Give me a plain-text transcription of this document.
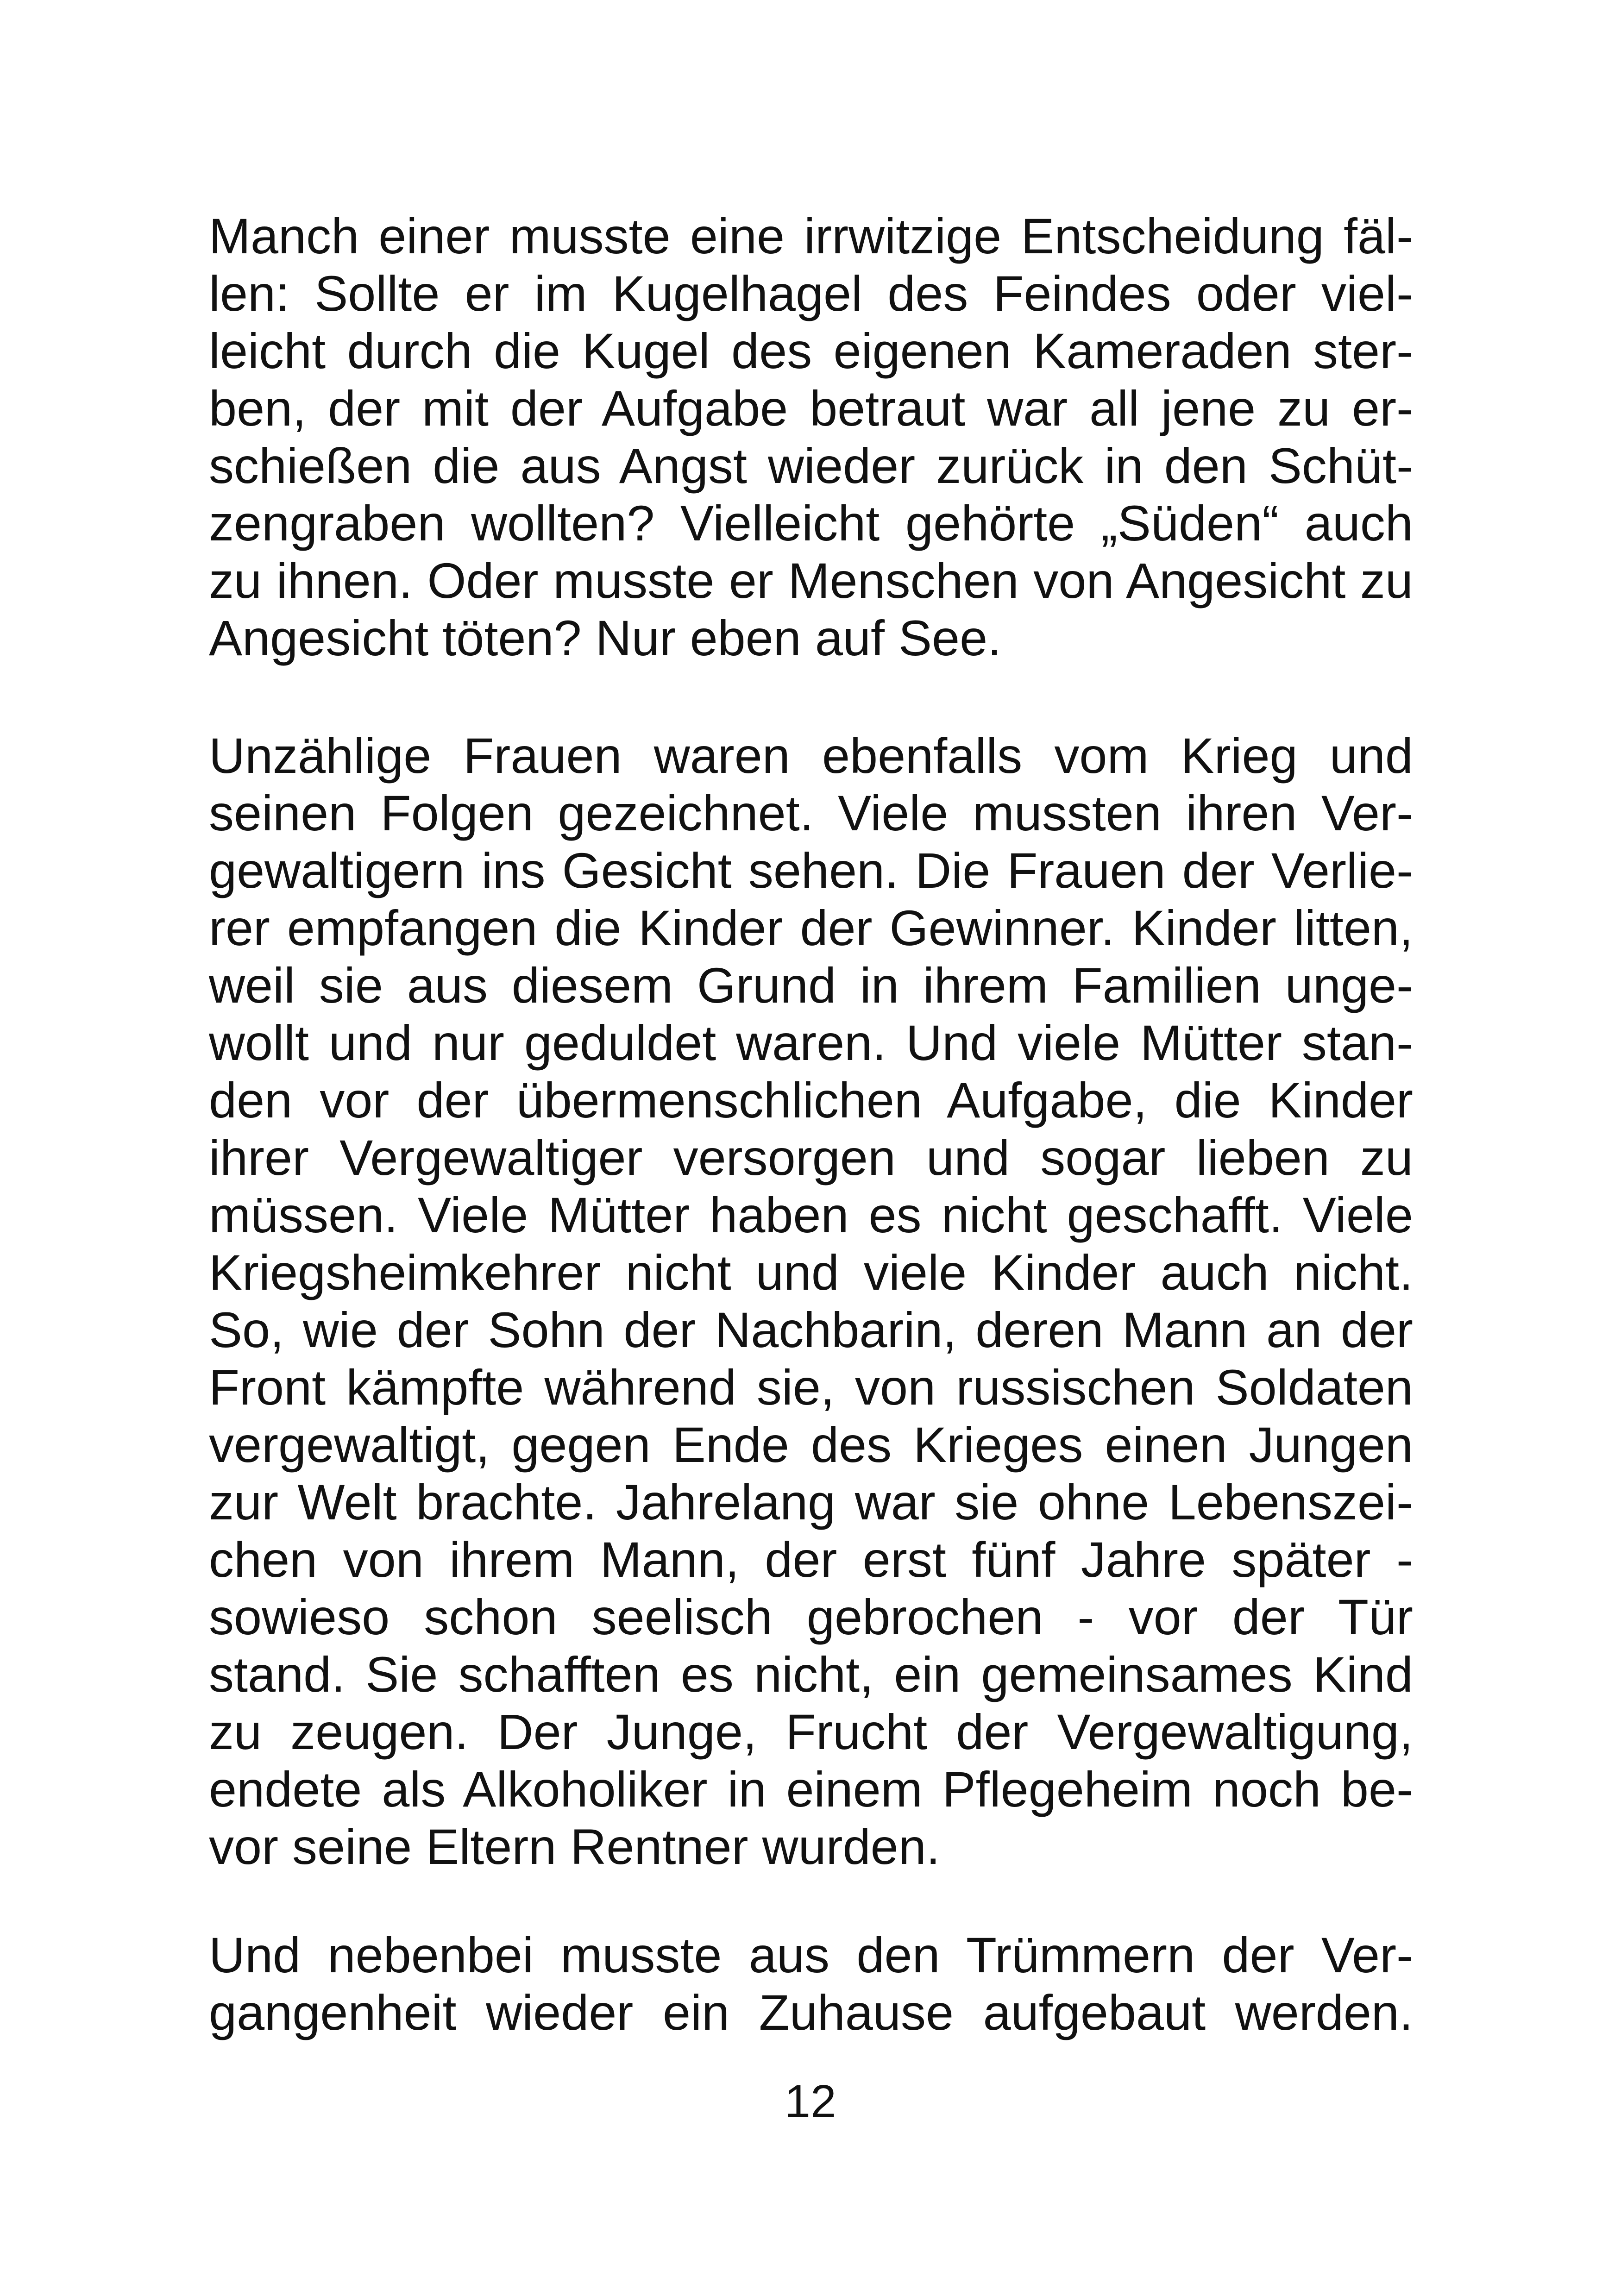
Manch einer musste eine irrwitzige Entscheidung fäl-
len: Sollte er im Kugelhagel des Feindes oder viel-
leicht durch die Kugel des eigenen Kameraden ster-
ben, der mit der Aufgabe betraut war all jene zu er-
schießen die aus Angst wieder zurück in den Schüt-
zengraben wollten? Vielleicht gehörte „Süden“ auch
zu ihnen. Oder musste er Menschen von Angesicht zu
Angesicht töten? Nur eben auf See.
Unzählige Frauen waren ebenfalls vom Krieg und
seinen Folgen gezeichnet. Viele mussten ihren Ver-
gewaltigern ins Gesicht sehen. Die Frauen der Verlie-
rer empfangen die Kinder der Gewinner. Kinder litten,
weil sie aus diesem Grund in ihrem Familien unge-
wollt und nur geduldet waren. Und viele Mütter stan-
den vor der übermenschlichen Aufgabe, die Kinder
ihrer Vergewaltiger versorgen und sogar lieben zu
müssen. Viele Mütter haben es nicht geschafft. Viele
Kriegsheimkehrer nicht und viele Kinder auch nicht.
So, wie der Sohn der Nachbarin, deren Mann an der
Front kämpfte während sie, von russischen Soldaten
vergewaltigt, gegen Ende des Krieges einen Jungen
zur Welt brachte. Jahrelang war sie ohne Lebenszei-
chen von ihrem Mann, der erst fünf Jahre später -
sowieso schon seelisch gebrochen - vor der Tür
stand. Sie schafften es nicht, ein gemeinsames Kind
zu zeugen. Der Junge, Frucht der Vergewaltigung,
endete als Alkoholiker in einem Pflegeheim noch be-
vor seine Eltern Rentner wurden.
Und nebenbei musste aus den Trümmern der Ver-
gangenheit wieder ein Zuhause aufgebaut werden.
12
